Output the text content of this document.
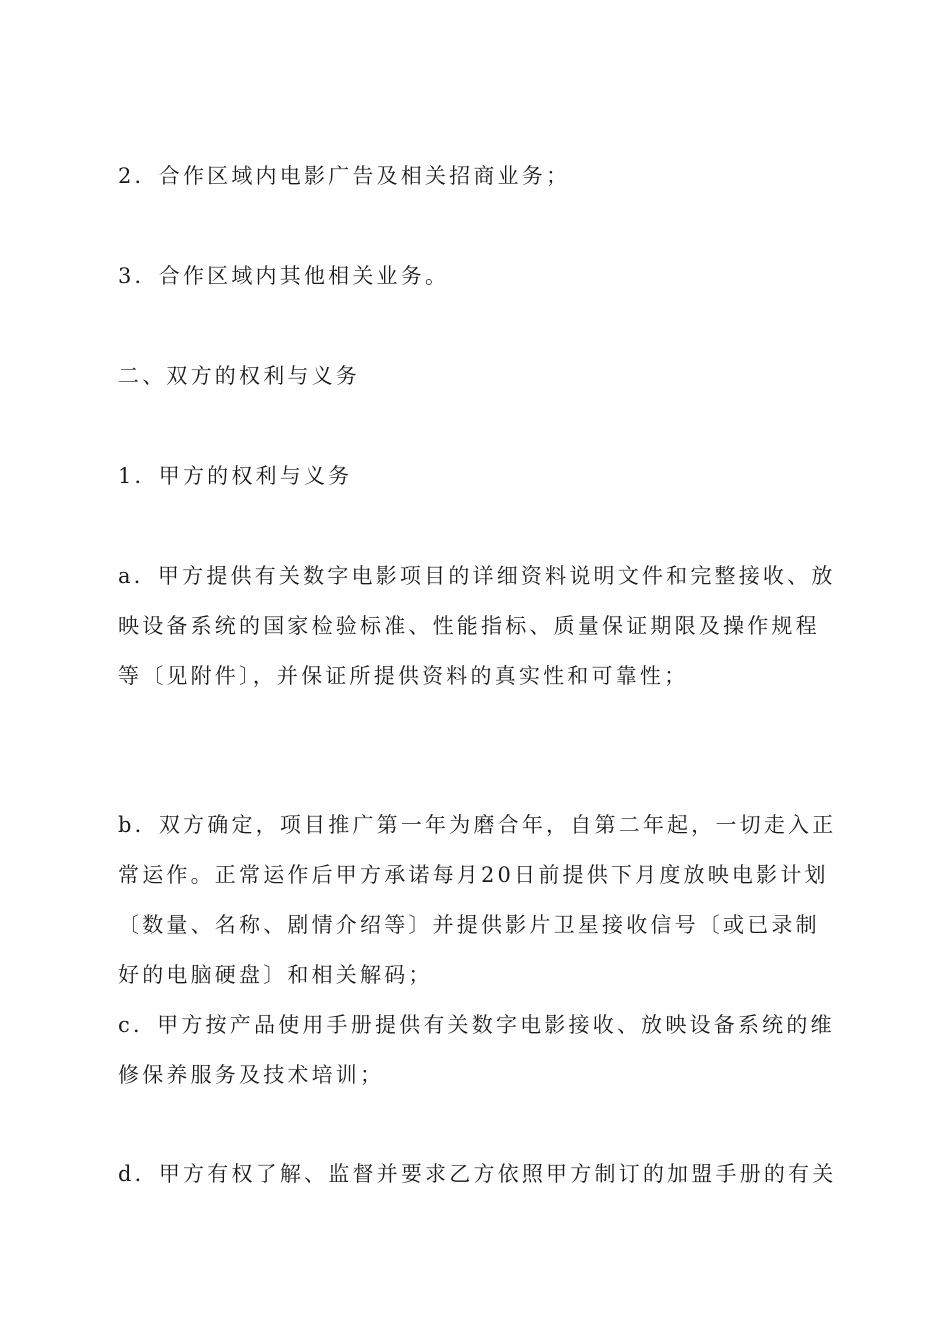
2．合作区域内电影广告及相关招商业务；

3．合作区域内其他相关业务。

二、双方的权利与义务

1．甲方的权利与义务

a．甲方提供有关数字电影项目的详细资料说明文件和完整接收、放
映设备系统的国家检验标准、性能指标、质量保证期限及操作规程
等〔见附件〕，并保证所提供资料的真实性和可靠性；

b．双方确定，项目推广第一年为磨合年，自第二年起，一切走入正
常运作。正常运作后甲方承诺每月20日前提供下月度放映电影计划
〔数量、名称、剧情介绍等〕并提供影片卫星接收信号〔或已录制
好的电脑硬盘〕和相关解码；

c．甲方按产品使用手册提供有关数字电影接收、放映设备系统的维
修保养服务及技术培训；

d．甲方有权了解、监督并要求乙方依照甲方制订的加盟手册的有关
